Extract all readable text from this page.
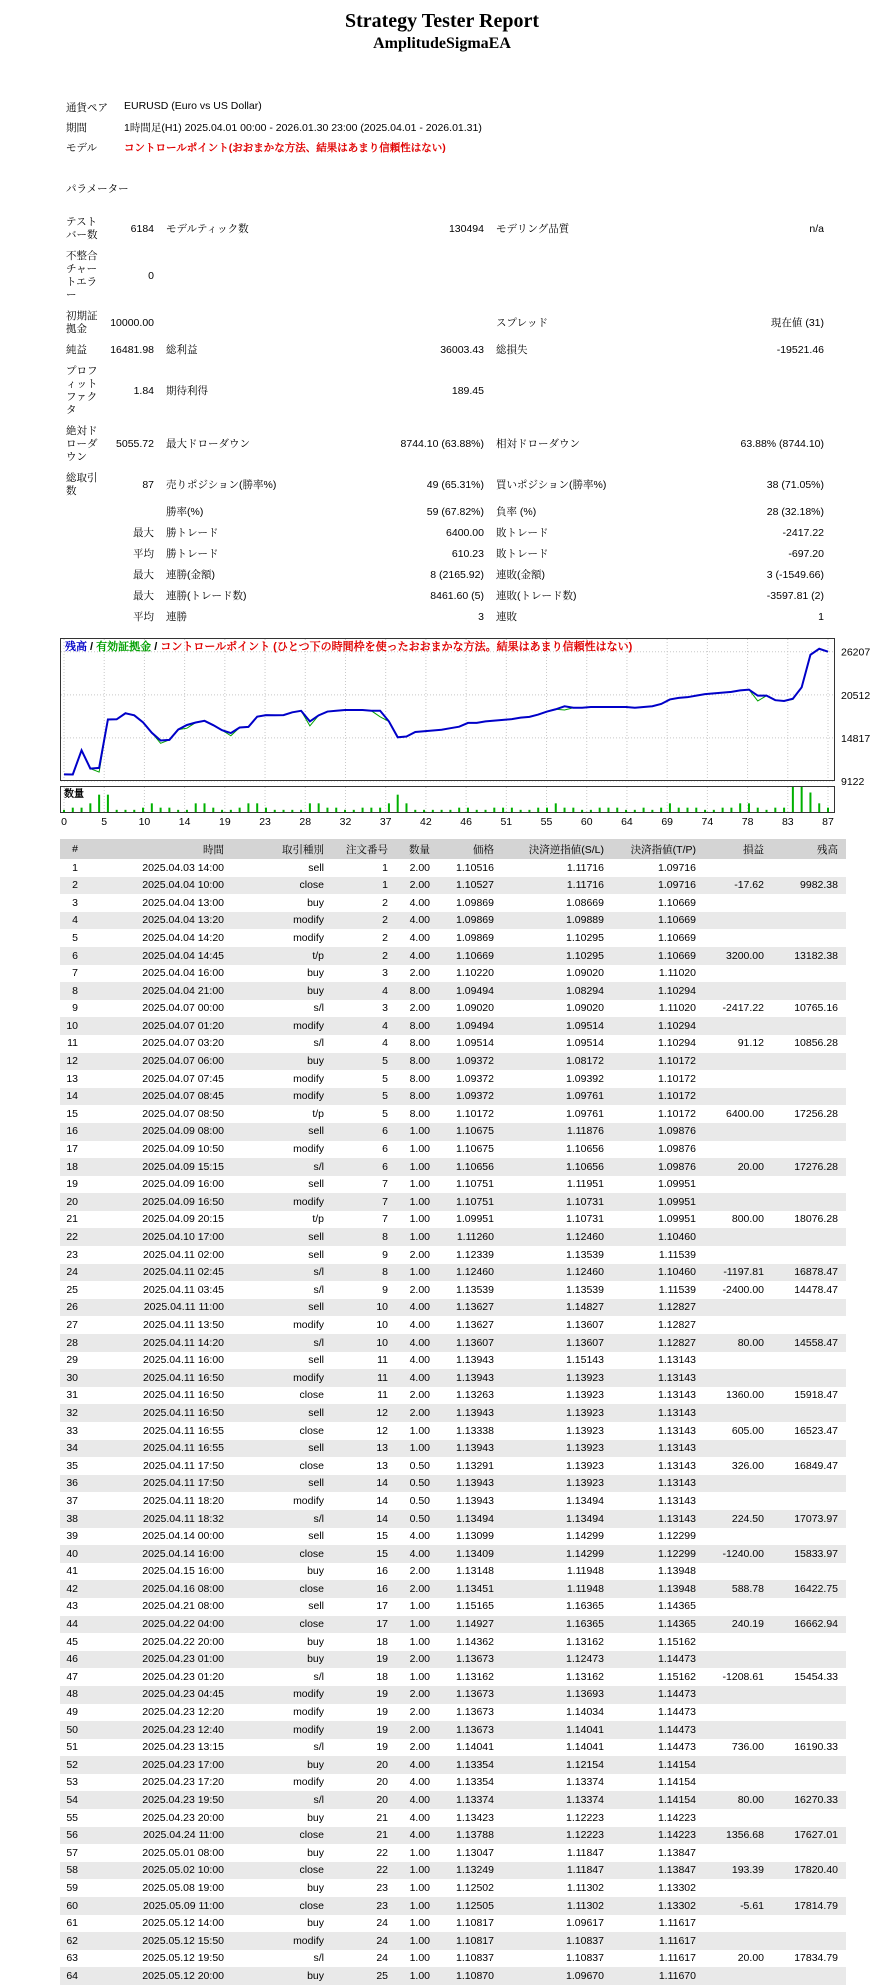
Strategy Tester Report
AmplitudeSigmaEA
通貨ペア	EURUSD (Euro vs US Dollar)
期間	1時間足(H1) 2025.04.01 00:00 - 2026.01.30 23:00 (2025.04.01 - 2026.01.31)
モデル	コントロールポイント(おおまかな方法、結果はあまり信頼性はない)
パラメーター
テストバー数	6184	モデルティック数	130494	モデリング品質	n/a
不整合チャートエラー	0				
初期証拠金	10000.00			スプレッド	現在値 (31)
純益	16481.98	総利益	36003.43	総損失	-19521.46
プロフィットファクタ	1.84	期待利得	189.45		
絶対ドローダウン	5055.72	最大ドローダウン	8744.10 (63.88%)	相対ドローダウン	63.88% (8744.10)
総取引数	87	売りポジション(勝率%)	49 (65.31%)	買いポジション(勝率%)	38 (71.05%)
		勝率(%)	59 (67.82%)	負率 (%)	28 (32.18%)
	最大	勝トレード	6400.00	敗トレード	-2417.22
	平均	勝トレード	610.23	敗トレード	-697.20
	最大	連勝(金額)	8 (2165.92)	連敗(金額)	3 (-1549.66)
	最大	連勝(トレード数)	8461.60 (5)	連敗(トレード数)	-3597.81 (2)
	平均	連勝	3	連敗	1
0	5	10	14	19	23	28	32	37	42	46	51	55	60	64	69	74	78	83	87
26207
20512
14817
9122
数量
残高 / 有効証拠金 / コントロールポイント (ひとつ下の時間枠を使ったおおまかな方法。結果はあまり信頼性はない)
#	時間	取引種別	注文番号	数量	価格	決済逆指値(S/L)	決済指値(T/P)	損益	残高
1	2025.04.03 14:00	sell	1	2.00	1.10516	1.11716	1.09716		
2	2025.04.04 10:00	close	1	2.00	1.10527	1.11716	1.09716	-17.62	9982.38
3	2025.04.04 13:00	buy	2	4.00	1.09869	1.08669	1.10669		
4	2025.04.04 13:20	modify	2	4.00	1.09869	1.09889	1.10669		
5	2025.04.04 14:20	modify	2	4.00	1.09869	1.10295	1.10669		
6	2025.04.04 14:45	t/p	2	4.00	1.10669	1.10295	1.10669	3200.00	13182.38
7	2025.04.04 16:00	buy	3	2.00	1.10220	1.09020	1.11020		
8	2025.04.04 21:00	buy	4	8.00	1.09494	1.08294	1.10294		
9	2025.04.07 00:00	s/l	3	2.00	1.09020	1.09020	1.11020	-2417.22	10765.16
10	2025.04.07 01:20	modify	4	8.00	1.09494	1.09514	1.10294		
11	2025.04.07 03:20	s/l	4	8.00	1.09514	1.09514	1.10294	91.12	10856.28
12	2025.04.07 06:00	buy	5	8.00	1.09372	1.08172	1.10172		
13	2025.04.07 07:45	modify	5	8.00	1.09372	1.09392	1.10172		
14	2025.04.07 08:45	modify	5	8.00	1.09372	1.09761	1.10172		
15	2025.04.07 08:50	t/p	5	8.00	1.10172	1.09761	1.10172	6400.00	17256.28
16	2025.04.09 08:00	sell	6	1.00	1.10675	1.11876	1.09876		
17	2025.04.09 10:50	modify	6	1.00	1.10675	1.10656	1.09876		
18	2025.04.09 15:15	s/l	6	1.00	1.10656	1.10656	1.09876	20.00	17276.28
19	2025.04.09 16:00	sell	7	1.00	1.10751	1.11951	1.09951		
20	2025.04.09 16:50	modify	7	1.00	1.10751	1.10731	1.09951		
21	2025.04.09 20:15	t/p	7	1.00	1.09951	1.10731	1.09951	800.00	18076.28
22	2025.04.10 17:00	sell	8	1.00	1.11260	1.12460	1.10460		
23	2025.04.11 02:00	sell	9	2.00	1.12339	1.13539	1.11539		
24	2025.04.11 02:45	s/l	8	1.00	1.12460	1.12460	1.10460	-1197.81	16878.47
25	2025.04.11 03:45	s/l	9	2.00	1.13539	1.13539	1.11539	-2400.00	14478.47
26	2025.04.11 11:00	sell	10	4.00	1.13627	1.14827	1.12827		
27	2025.04.11 13:50	modify	10	4.00	1.13627	1.13607	1.12827		
28	2025.04.11 14:20	s/l	10	4.00	1.13607	1.13607	1.12827	80.00	14558.47
29	2025.04.11 16:00	sell	11	4.00	1.13943	1.15143	1.13143		
30	2025.04.11 16:50	modify	11	4.00	1.13943	1.13923	1.13143		
31	2025.04.11 16:50	close	11	2.00	1.13263	1.13923	1.13143	1360.00	15918.47
32	2025.04.11 16:50	sell	12	2.00	1.13943	1.13923	1.13143		
33	2025.04.11 16:55	close	12	1.00	1.13338	1.13923	1.13143	605.00	16523.47
34	2025.04.11 16:55	sell	13	1.00	1.13943	1.13923	1.13143		
35	2025.04.11 17:50	close	13	0.50	1.13291	1.13923	1.13143	326.00	16849.47
36	2025.04.11 17:50	sell	14	0.50	1.13943	1.13923	1.13143		
37	2025.04.11 18:20	modify	14	0.50	1.13943	1.13494	1.13143		
38	2025.04.11 18:32	s/l	14	0.50	1.13494	1.13494	1.13143	224.50	17073.97
39	2025.04.14 00:00	sell	15	4.00	1.13099	1.14299	1.12299		
40	2025.04.14 16:00	close	15	4.00	1.13409	1.14299	1.12299	-1240.00	15833.97
41	2025.04.15 16:00	buy	16	2.00	1.13148	1.11948	1.13948		
42	2025.04.16 08:00	close	16	2.00	1.13451	1.11948	1.13948	588.78	16422.75
43	2025.04.21 08:00	sell	17	1.00	1.15165	1.16365	1.14365		
44	2025.04.22 04:00	close	17	1.00	1.14927	1.16365	1.14365	240.19	16662.94
45	2025.04.22 20:00	buy	18	1.00	1.14362	1.13162	1.15162		
46	2025.04.23 01:00	buy	19	2.00	1.13673	1.12473	1.14473		
47	2025.04.23 01:20	s/l	18	1.00	1.13162	1.13162	1.15162	-1208.61	15454.33
48	2025.04.23 04:45	modify	19	2.00	1.13673	1.13693	1.14473		
49	2025.04.23 12:20	modify	19	2.00	1.13673	1.14034	1.14473		
50	2025.04.23 12:40	modify	19	2.00	1.13673	1.14041	1.14473		
51	2025.04.23 13:15	s/l	19	2.00	1.14041	1.14041	1.14473	736.00	16190.33
52	2025.04.23 17:00	buy	20	4.00	1.13354	1.12154	1.14154		
53	2025.04.23 17:20	modify	20	4.00	1.13354	1.13374	1.14154		
54	2025.04.23 19:50	s/l	20	4.00	1.13374	1.13374	1.14154	80.00	16270.33
55	2025.04.23 20:00	buy	21	4.00	1.13423	1.12223	1.14223		
56	2025.04.24 11:00	close	21	4.00	1.13788	1.12223	1.14223	1356.68	17627.01
57	2025.05.01 08:00	buy	22	1.00	1.13047	1.11847	1.13847		
58	2025.05.02 10:00	close	22	1.00	1.13249	1.11847	1.13847	193.39	17820.40
59	2025.05.08 19:00	buy	23	1.00	1.12502	1.11302	1.13302		
60	2025.05.09 11:00	close	23	1.00	1.12505	1.11302	1.13302	-5.61	17814.79
61	2025.05.12 14:00	buy	24	1.00	1.10817	1.09617	1.11617		
62	2025.05.12 15:50	modify	24	1.00	1.10817	1.10837	1.11617		
63	2025.05.12 19:50	s/l	24	1.00	1.10837	1.10837	1.11617	20.00	17834.79
64	2025.05.12 20:00	buy	25	1.00	1.10870	1.09670	1.11670		
